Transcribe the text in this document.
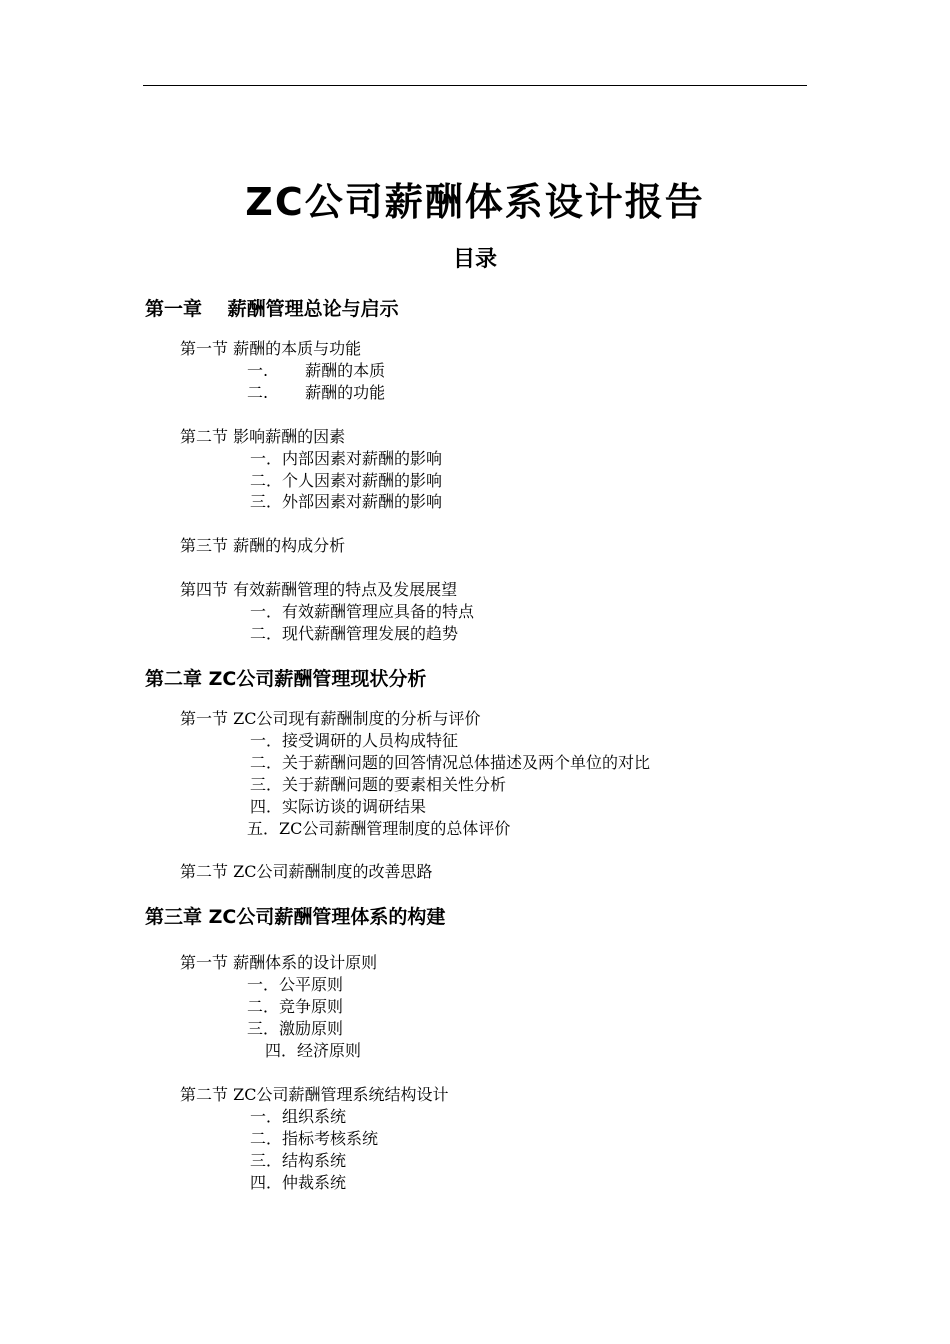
ZC公司薪酬体系设计报告
目录
第一章　 薪酬管理总论与启示
第一节 薪酬的本质与功能
一.　　 薪酬的本质
二.　　 薪酬的功能
第二节 影响薪酬的因素
一．内部因素对薪酬的影响
二．个人因素对薪酬的影响
三．外部因素对薪酬的影响
第三节 薪酬的构成分析
第四节 有效薪酬管理的特点及发展展望
一．有效薪酬管理应具备的特点
二．现代薪酬管理发展的趋势
第二章 ZC公司薪酬管理现状分析
第一节 ZC公司现有薪酬制度的分析与评价
一．接受调研的人员构成特征
二．关于薪酬问题的回答情况总体描述及两个单位的对比
三．关于薪酬问题的要素相关性分析
四．实际访谈的调研结果
五．ZC公司薪酬管理制度的总体评价
第二节 ZC公司薪酬制度的改善思路
第三章 ZC公司薪酬管理体系的构建
第一节 薪酬体系的设计原则
一．公平原则
二．竞争原则
三．激励原则
四．经济原则
第二节 ZC公司薪酬管理系统结构设计
一．组织系统
二．指标考核系统
三．结构系统
四．仲裁系统
